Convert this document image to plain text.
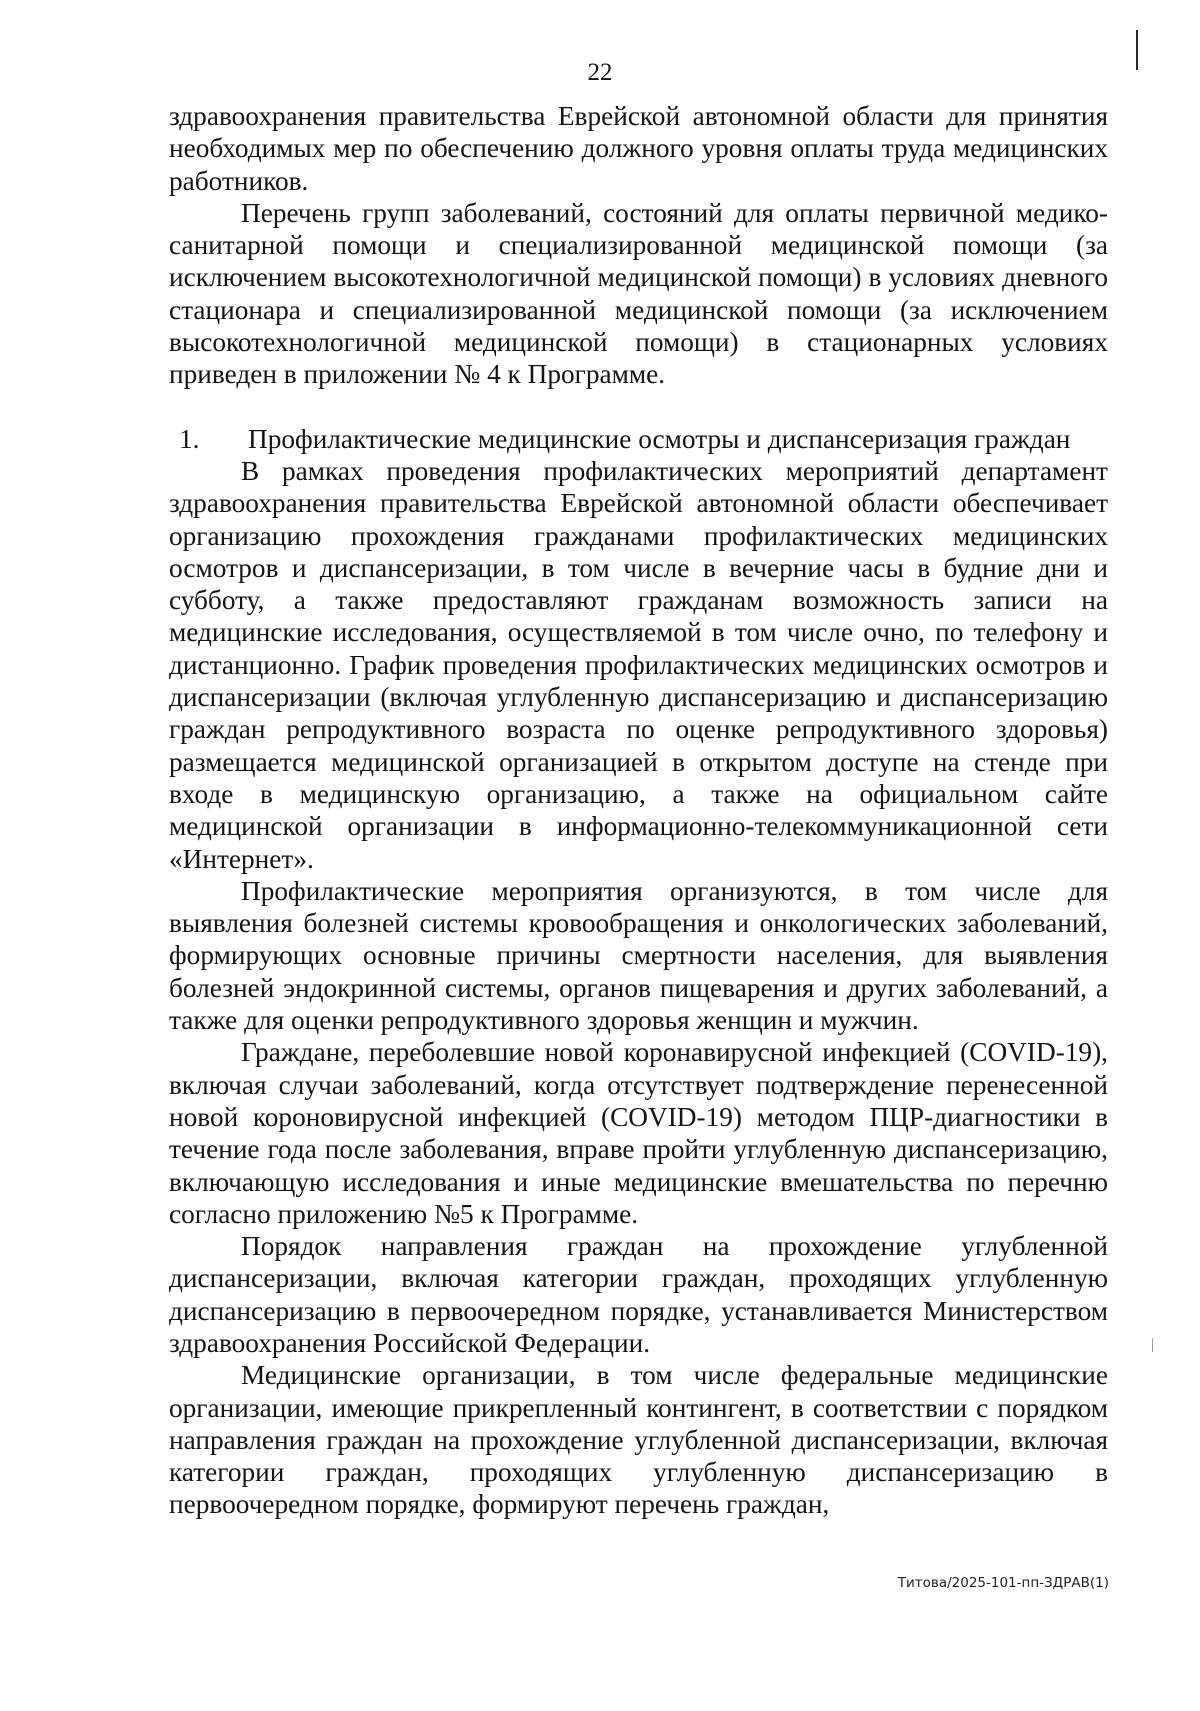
22

здравоохранения правительства Еврейской автономной области для принятия необходимых мер по обеспечению должного уровня оплаты труда медицинских работников.

Перечень групп заболеваний, состояний для оплаты первичной медико-санитарной помощи и специализированной медицинской помощи (за исключением высокотехнологичной медицинской помощи) в условиях дневного стационара и специализированной медицинской помощи (за исключением высокотехнологичной медицинской помощи) в стационарных условиях приведен в приложении № 4 к Программе.

1.	Профилактические медицинские осмотры и диспансеризация граждан

В рамках проведения профилактических мероприятий департамент здравоохранения правительства Еврейской автономной области обеспечивает организацию прохождения гражданами профилактических медицинских осмотров и диспансеризации, в том числе в вечерние часы в будние дни и субботу, а также предоставляют гражданам возможность записи на медицинские исследования, осуществляемой в том числе очно, по телефону и дистанционно. График проведения профилактических медицинских осмотров и диспансеризации (включая углубленную диспансеризацию и диспансеризацию граждан репродуктивного возраста по оценке репродуктивного здоровья) размещается медицинской организацией в открытом доступе на стенде при входе в медицинскую организацию, а также на официальном сайте медицинской организации в информационно-телекоммуникационной сети «Интернет».

Профилактические мероприятия организуются, в том числе для выявления болезней системы кровообращения и онкологических заболеваний, формирующих основные причины смертности населения, для выявления болезней эндокринной системы, органов пищеварения и других заболеваний, а также для оценки репродуктивного здоровья женщин и мужчин.

Граждане, переболевшие новой коронавирусной инфекцией (COVID-19), включая случаи заболеваний, когда отсутствует подтверждение перенесенной новой короновирусной инфекцией (COVID-19) методом ПЦР-диагностики в течение года после заболевания, вправе пройти углубленную диспансеризацию, включающую исследования и иные медицинские вмешательства по перечню согласно приложению №5 к Программе.

Порядок направления граждан на прохождение углубленной диспансеризации, включая категории граждан, проходящих углубленную диспансеризацию в первоочередном порядке, устанавливается Министерством здравоохранения Российской Федерации.

Медицинские организации, в том числе федеральные медицинские организации, имеющие прикрепленный контингент, в соответствии с порядком направления граждан на прохождение углубленной диспансеризации, включая категории граждан, проходящих углубленную диспансеризацию в первоочередном порядке, формируют перечень граждан,

Титова/2025-101-пп-ЗДРАВ(1)
